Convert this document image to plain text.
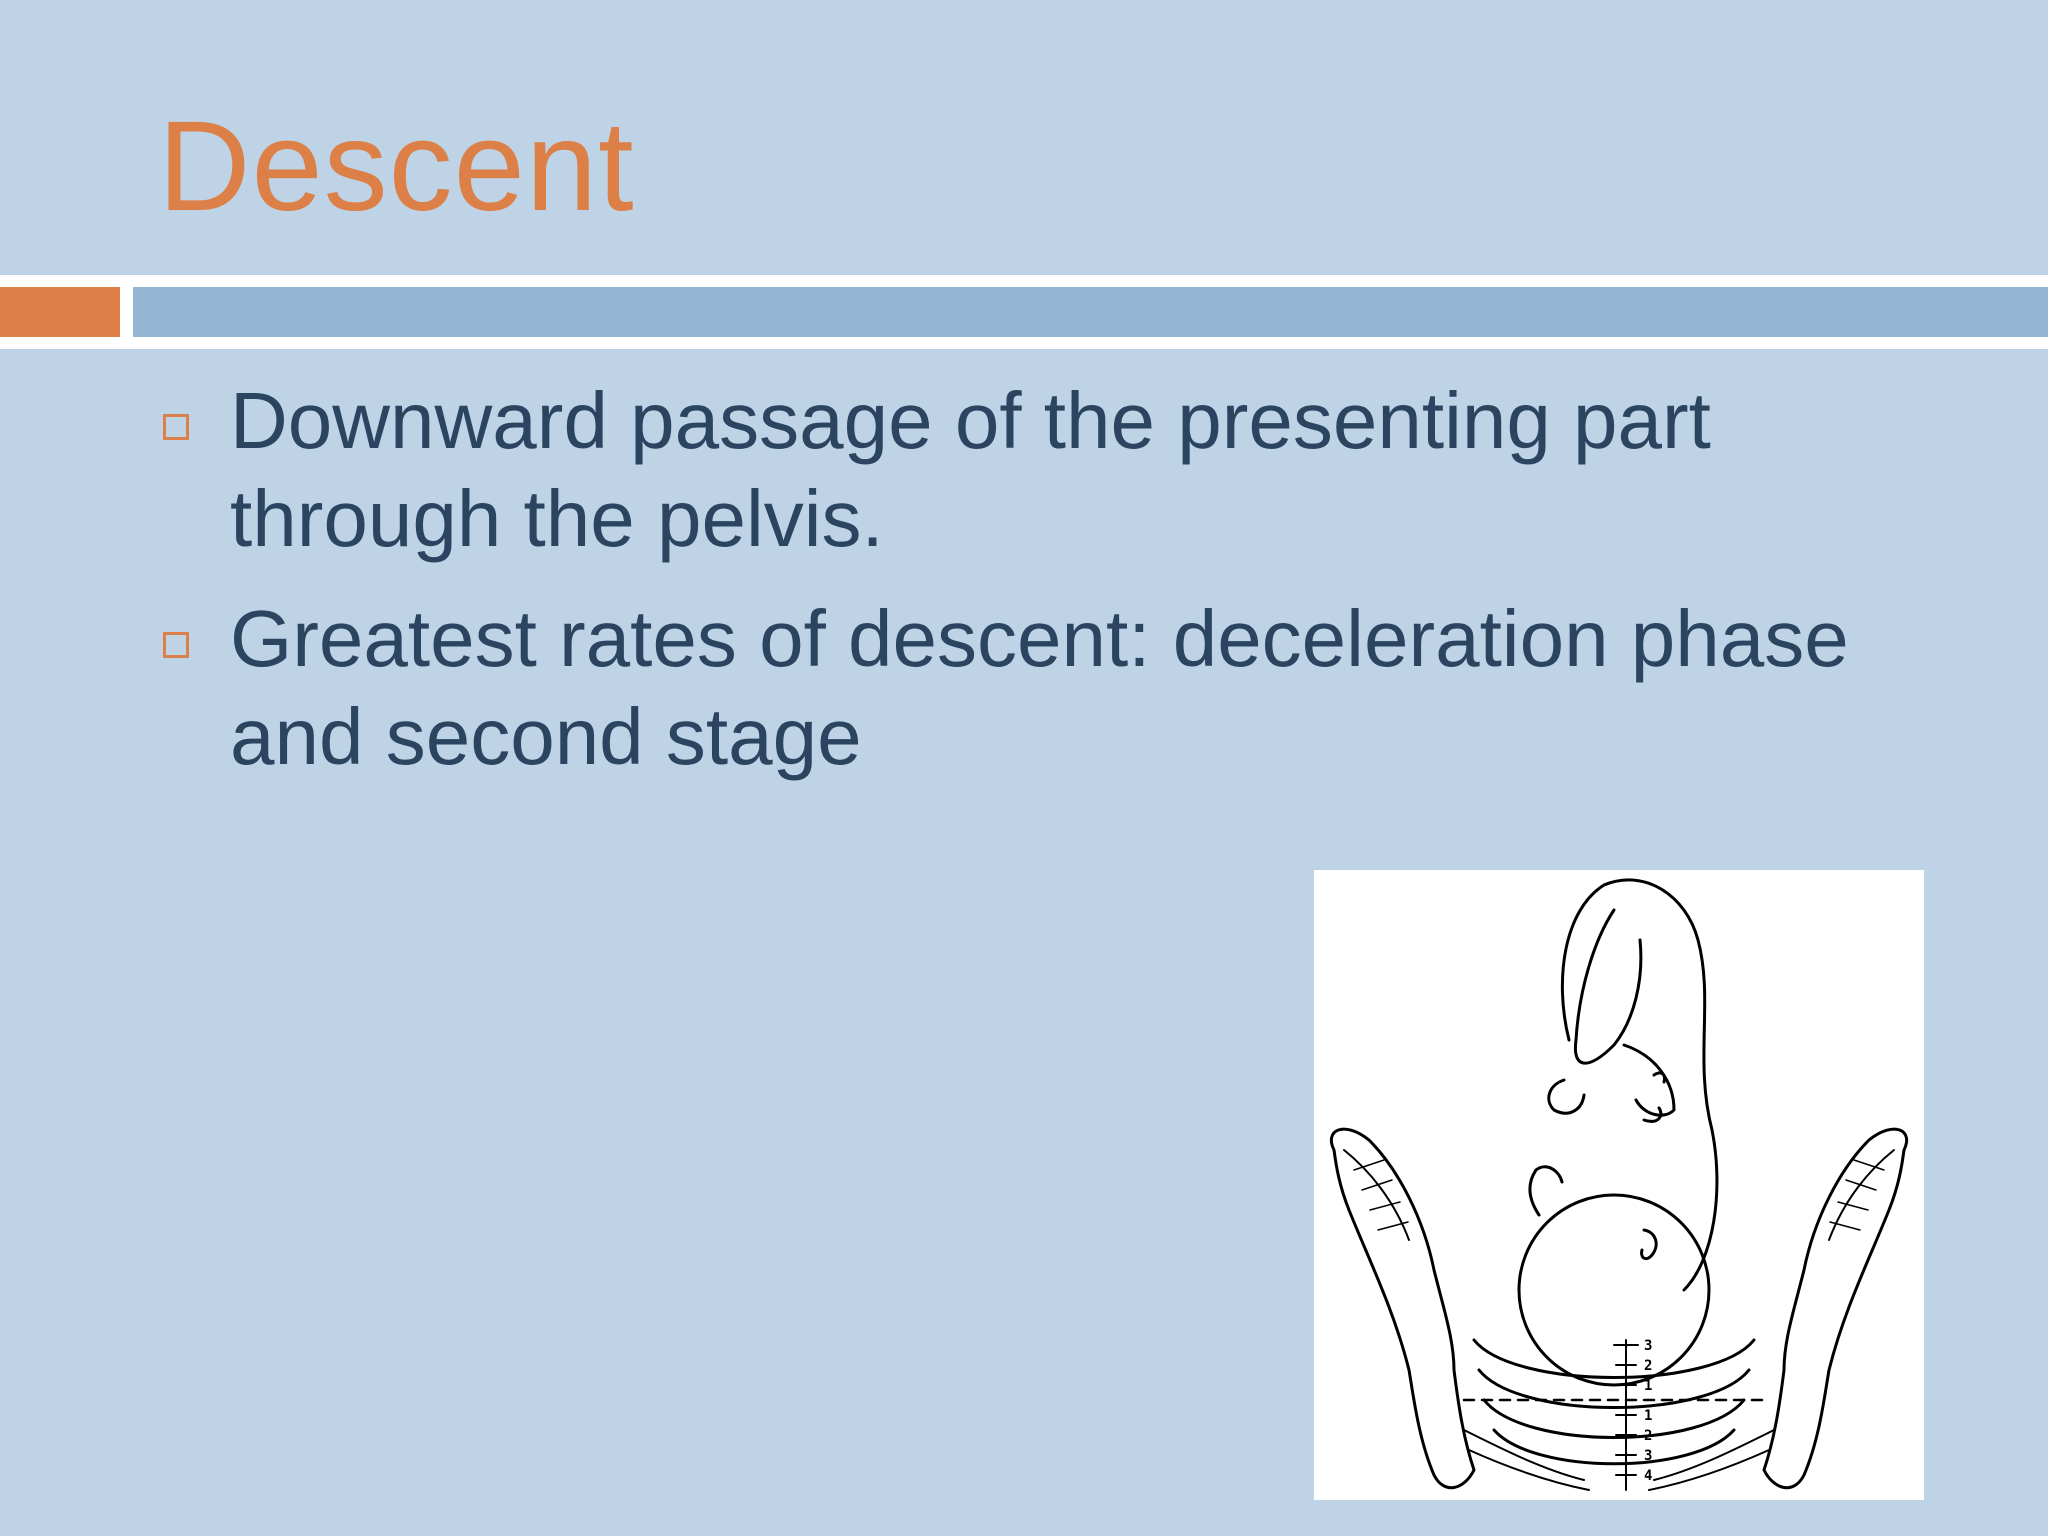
Descent
Downward passage of the presenting part through the pelvis.
Greatest rates of descent: deceleration phase and second stage
3
2
1
1
2
3
4
